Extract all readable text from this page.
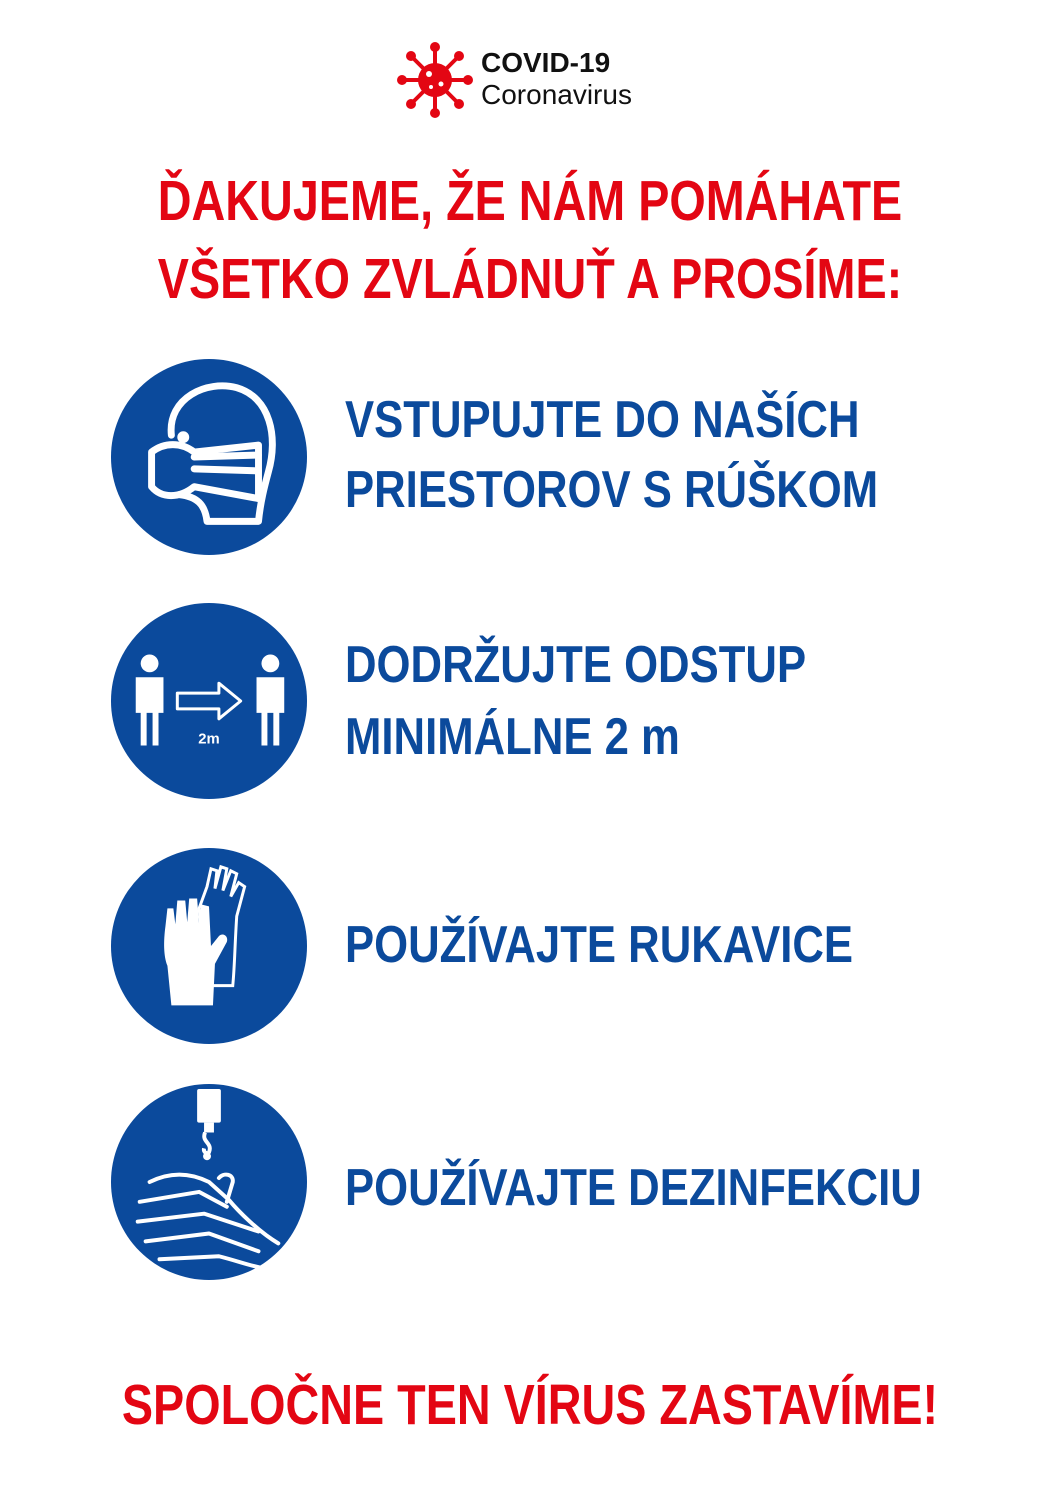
COVID-19
Coronavirus
ĎAKUJEME, ŽE NÁM POMÁHATE
VŠETKO ZVLÁDNUŤ A PROSÍME:
VSTUPUJTE DO NAŠÍCH
PRIESTOROV S RÚŠKOM
2m
DODRŽUJTE ODSTUP
MINIMÁLNE 2 m
POUŽÍVAJTE RUKAVICE
POUŽÍVAJTE DEZINFEKCIU
SPOLOČNE TEN VÍRUS ZASTAVÍME!
